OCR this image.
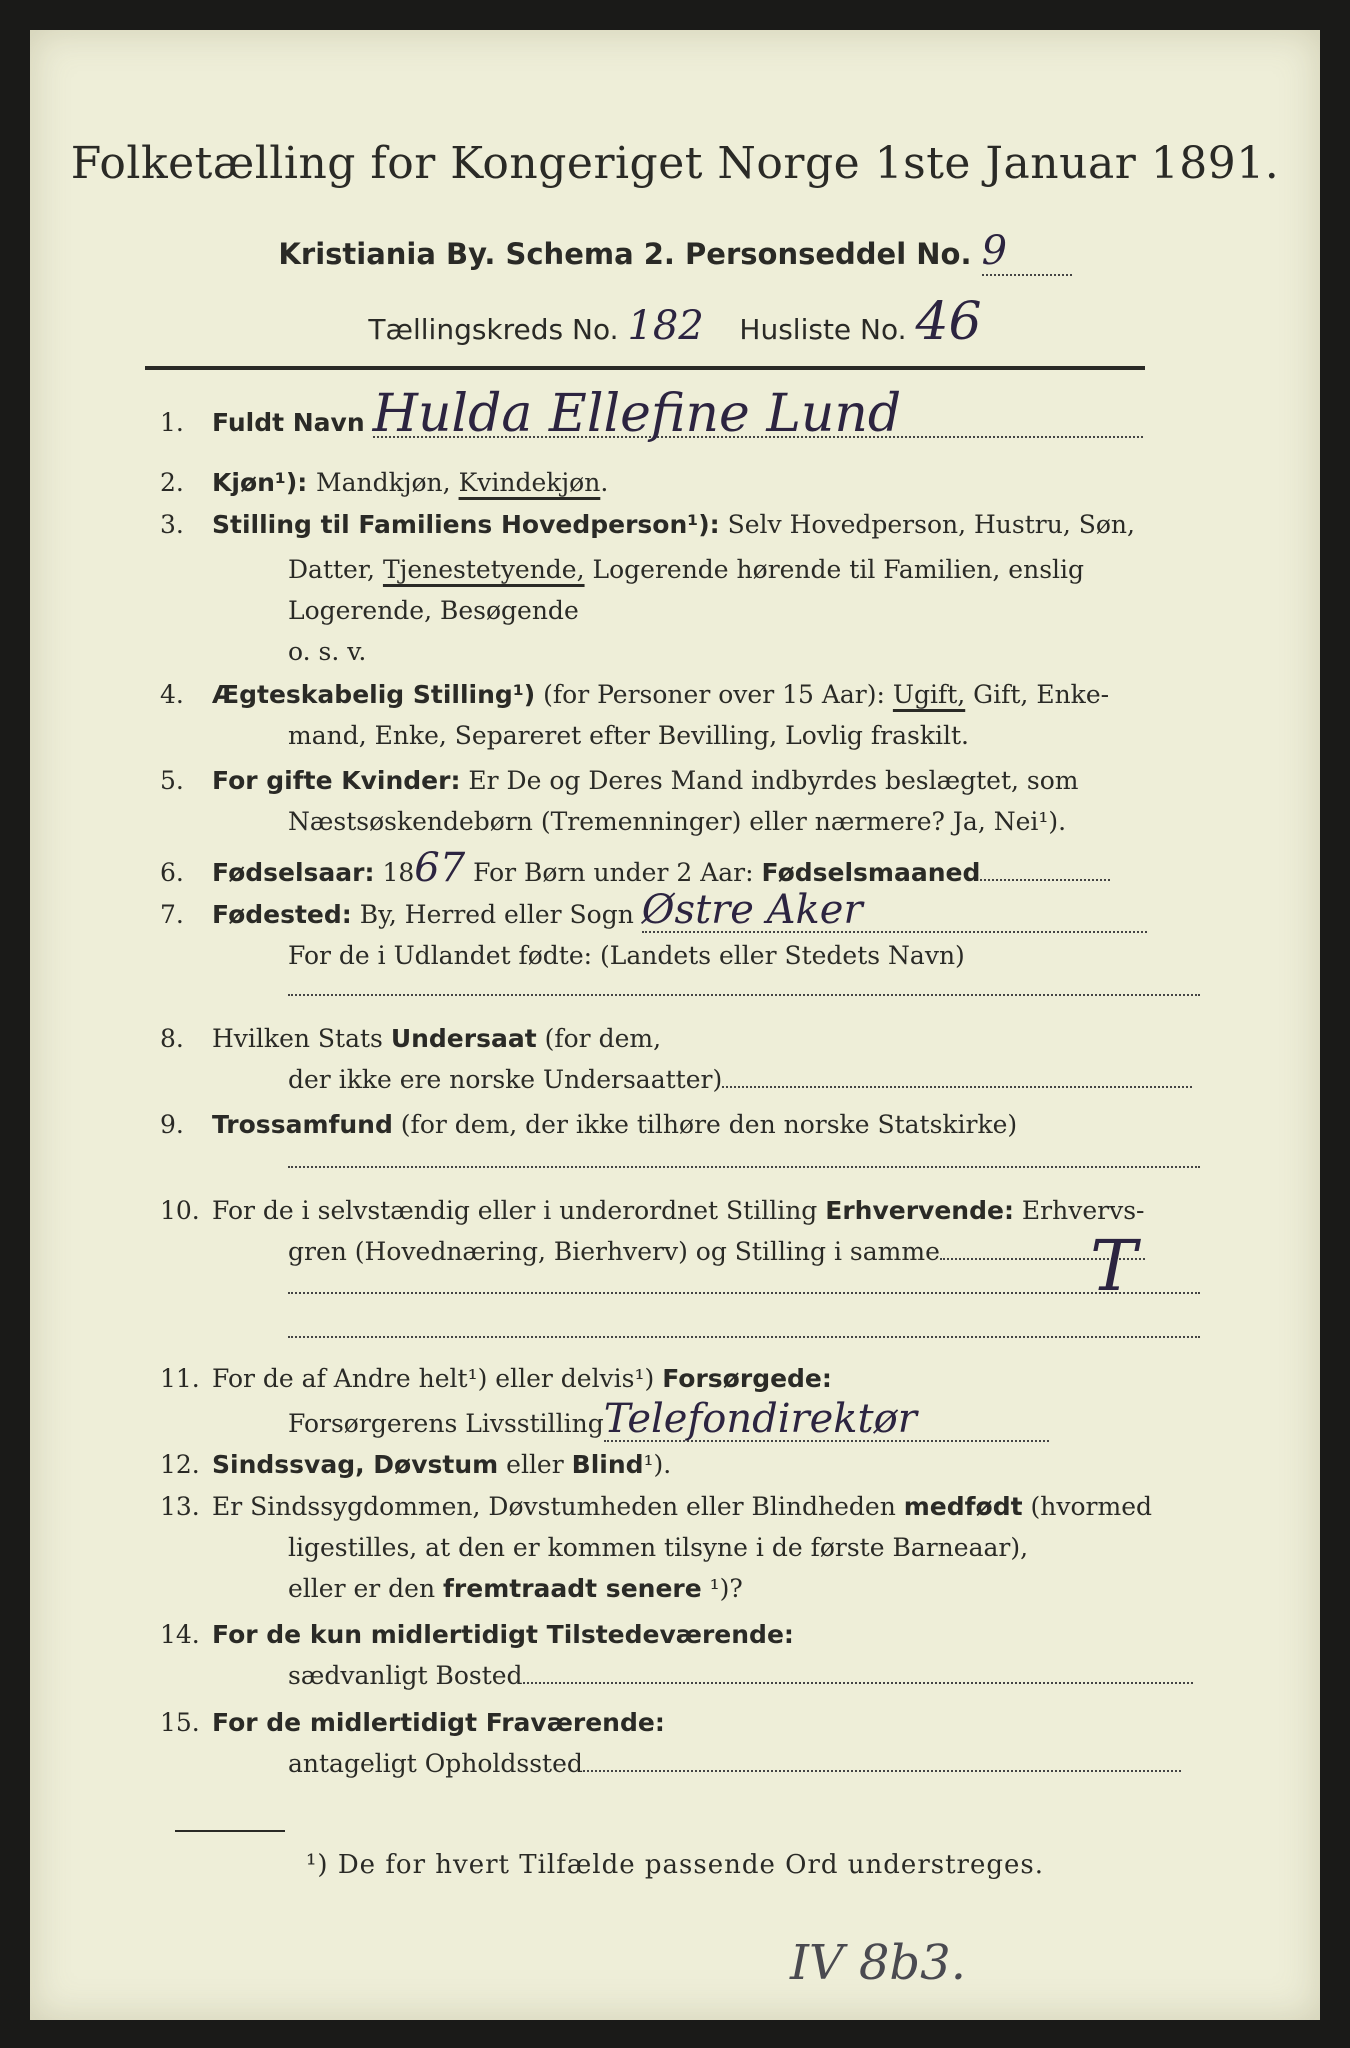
Folketælling for Kongeriget Norge 1ste Januar 1891.
Kristiania By. Schema 2. Personseddel No. 9
Tællingskreds No. 182 Husliste No. 46
1. Fuldt Navn Hulda Ellefine Lund
2. Kjøn¹): Mandkjøn, Kvindekjøn.
3. Stilling til Familiens Hovedperson¹): Selv Hovedperson, Hustru, Søn,
Datter, Tjenestetyende, Logerende hørende til Familien, enslig
Logerende, Besøgende
o. s. v.
4. Ægteskabelig Stilling¹) (for Personer over 15 Aar): Ugift, Gift, Enke-
mand, Enke, Separeret efter Bevilling, Lovlig fraskilt.
5. For gifte Kvinder: Er De og Deres Mand indbyrdes beslægtet, som
Næstsøskendebørn (Tremenninger) eller nærmere? Ja, Nei¹).
6. Fødselsaar: 1867 For Børn under 2 Aar: Fødselsmaaned
7. Fødested: By, Herred eller Sogn Østre Aker
For de i Udlandet fødte: (Landets eller Stedets Navn)
8. Hvilken Stats Undersaat (for dem,
der ikke ere norske Undersaatter)
9. Trossamfund (for dem, der ikke tilhøre den norske Statskirke)
10. For de i selvstændig eller i underordnet Stilling Erhvervende: Erhvervs-
gren (Hovednæring, Bierhverv) og Stilling i samme	T
11. For de af Andre helt¹) eller delvis¹) Forsørgede:
Forsørgerens LivsstillingTelefondirektør
12. Sindssvag, Døvstum eller Blind¹).
13. Er Sindssygdommen, Døvstumheden eller Blindheden medfødt (hvormed
ligestilles, at den er kommen tilsyne i de første Barneaar),
eller er den fremtraadt senere ¹)?
14. For de kun midlertidigt Tilstedeværende:
sædvanligt Bosted
15. For de midlertidigt Fraværende:
antageligt Opholdssted
¹) De for hvert Tilfælde passende Ord understreges.
IV 8b3.
